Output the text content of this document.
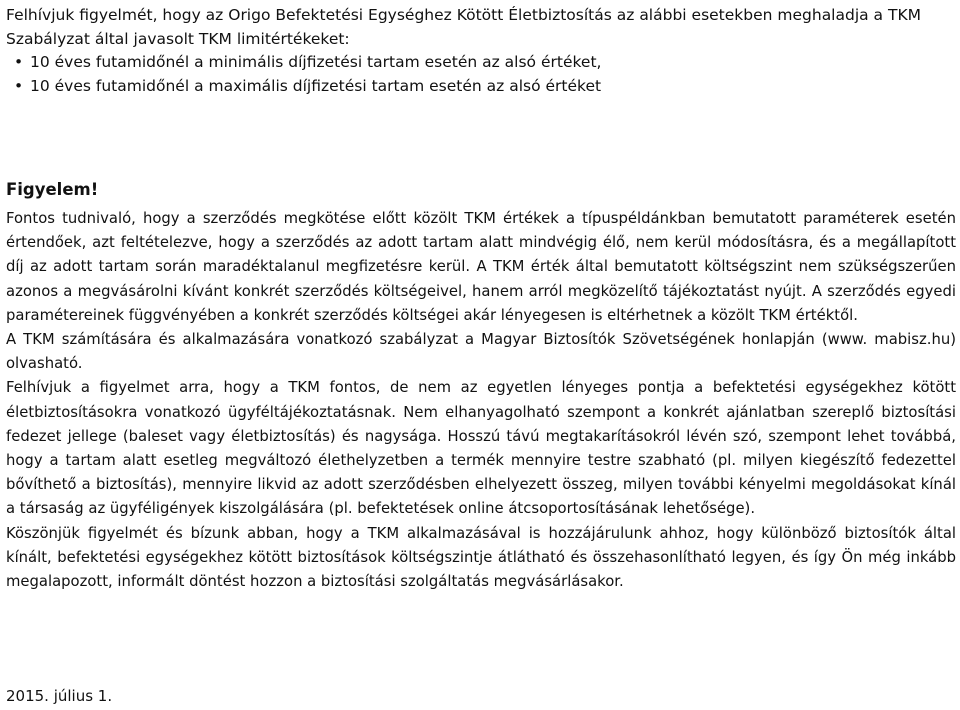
Felhívjuk figyelmét, hogy az Origo Befektetési Egységhez Kötött Életbiztosítás az alábbi esetekben meghaladja a TKM Szabályzat által javasolt TKM limitértékeket:

• 10 éves futamidőnél a minimális díjfizetési tartam esetén az alsó értéket,
• 10 éves futamidőnél a maximális díjfizetési tartam esetén az alsó értéket
Figyelem!

Fontos tudnivaló, hogy a szerződés megkötése előtt közölt TKM értékek a típuspéldánkban bemutatott paraméterek esetén értendőek, azt feltételezve, hogy a szerződés az adott tartam alatt mindvégig élő, nem kerül módosításra, és a megállapított díj az adott tartam során maradéktalanul megfizetésre kerül. A TKM érték által bemutatott költségszint nem szükségszerűen azonos a megvásárolni kívánt konkrét szerződés költségeivel, hanem arról megközelítő tájékoztatást nyújt. A szerződés egyedi paramétereinek függvényében a konkrét szerződés költségei akár lényegesen is eltérhetnek a közölt TKM értéktől.

A TKM számítására és alkalmazására vonatkozó szabályzat a Magyar Biztosítók Szövetségének honlapján (www. mabisz.hu) olvasható.

Felhívjuk a figyelmet arra, hogy a TKM fontos, de nem az egyetlen lényeges pontja a befektetési egységekhez kötött életbiztosításokra vonatkozó ügyféltájékoztatásnak. Nem elhanyagolható szempont a konkrét ajánlatban szereplő biztosítási fedezet jellege (baleset vagy életbiztosítás) és nagysága. Hosszú távú megtakarításokról lévén szó, szempont lehet továbbá, hogy a tartam alatt esetleg megváltozó élethelyzetben a termék mennyire testre szabható (pl. milyen kiegészítő fedezettel bővíthető a biztosítás), mennyire likvid az adott szerződésben elhelyezett összeg, milyen további kényelmi megoldásokat kínál a társaság az ügyféligények kiszolgálására (pl. befektetések online átcsoportosításának lehetősége).

Köszönjük figyelmét és bízunk abban, hogy a TKM alkalmazásával is hozzájárulunk ahhoz, hogy különböző biztosítók által kínált, befektetési egységekhez kötött biztosítások költségszintje átlátható és összehasonlítható legyen, és így Ön még inkább megalapozott, informált döntést hozzon a biztosítási szolgáltatás megvásárlásakor.

2015. július 1.
